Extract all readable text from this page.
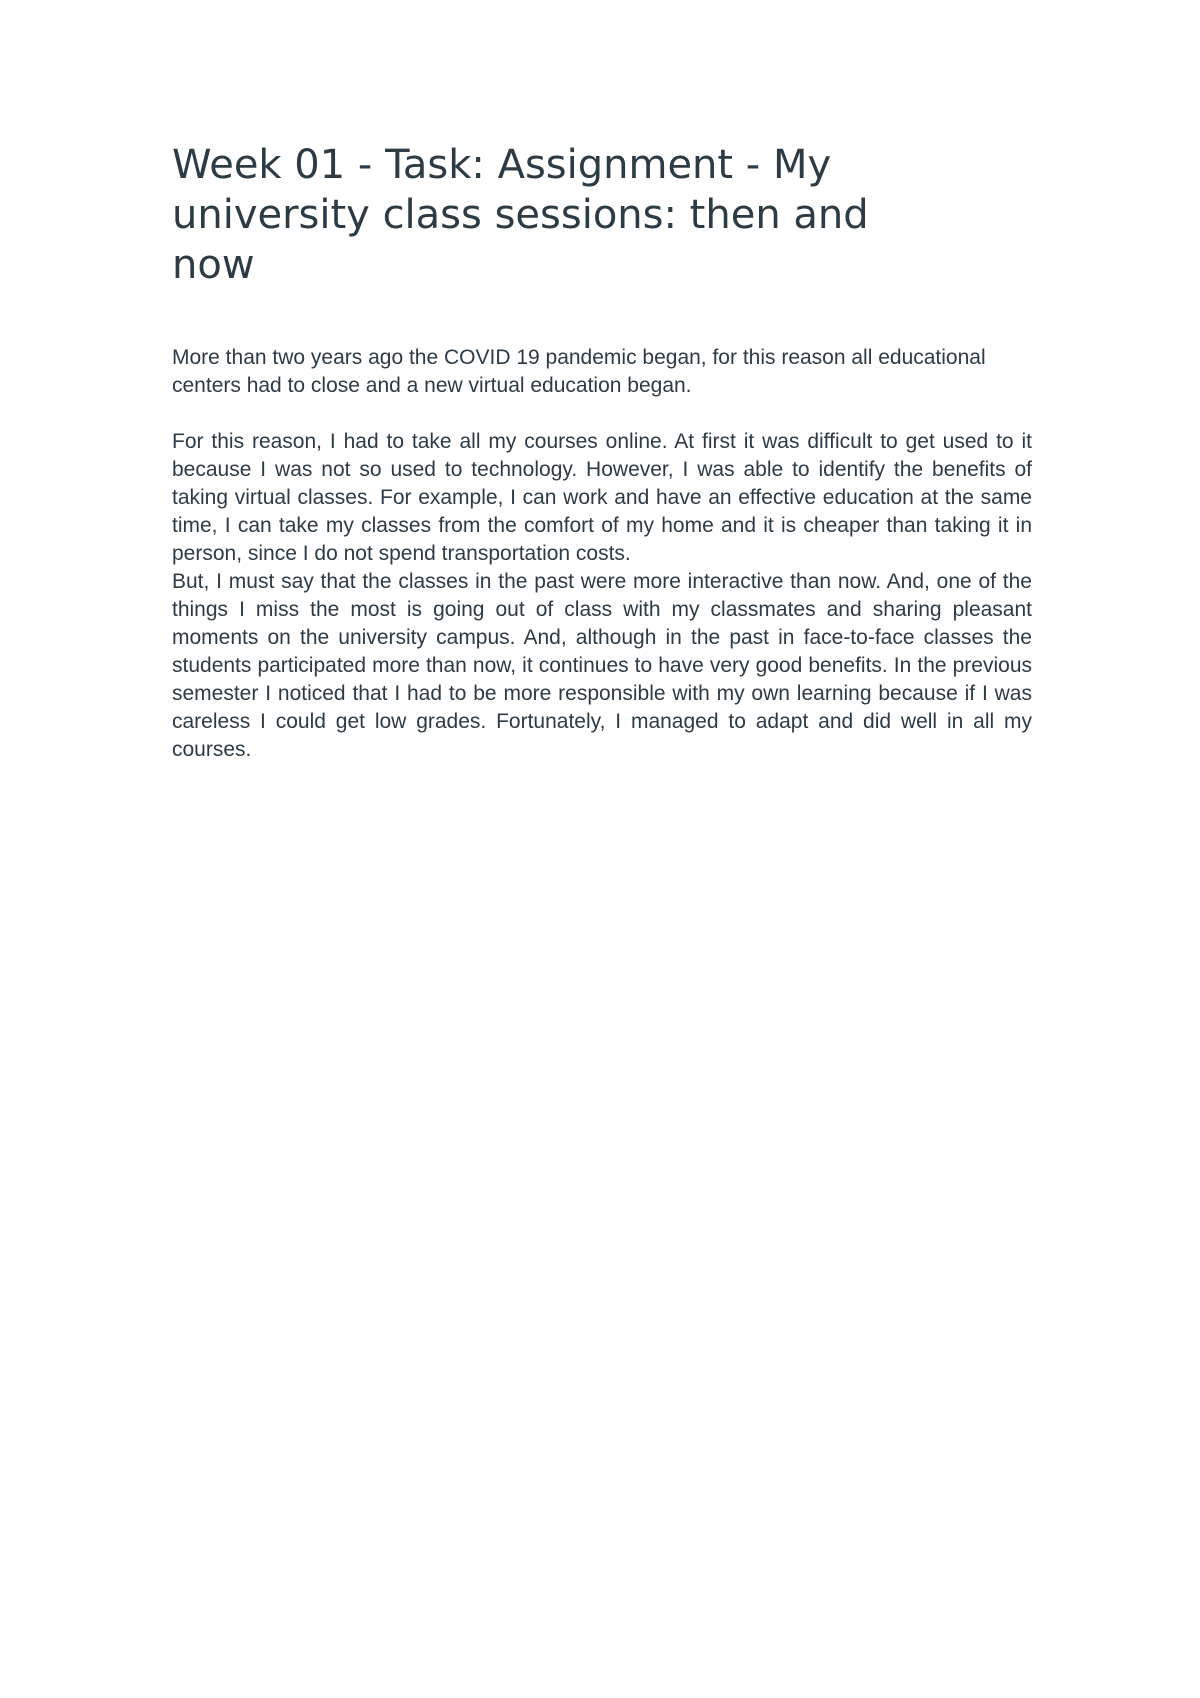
Week 01 - Task: Assignment - My university class sessions: then and now

More than two years ago the COVID 19 pandemic began, for this reason all educational centers had to close and a new virtual education began.

For this reason, I had to take all my courses online. At first it was difficult to get used to it because I was not so used to technology. However, I was able to identify the benefits of taking virtual classes. For example, I can work and have an effective education at the same time, I can take my classes from the comfort of my home and it is cheaper than taking it in person, since I do not spend transportation costs.

But, I must say that the classes in the past were more interactive than now. And, one of the things I miss the most is going out of class with my classmates and sharing pleasant moments on the university campus. And, although in the past in face-to-face classes the students participated more than now, it continues to have very good benefits. In the previous semester I noticed that I had to be more responsible with my own learning because if I was careless I could get low grades. Fortunately, I managed to adapt and did well in all my courses.
